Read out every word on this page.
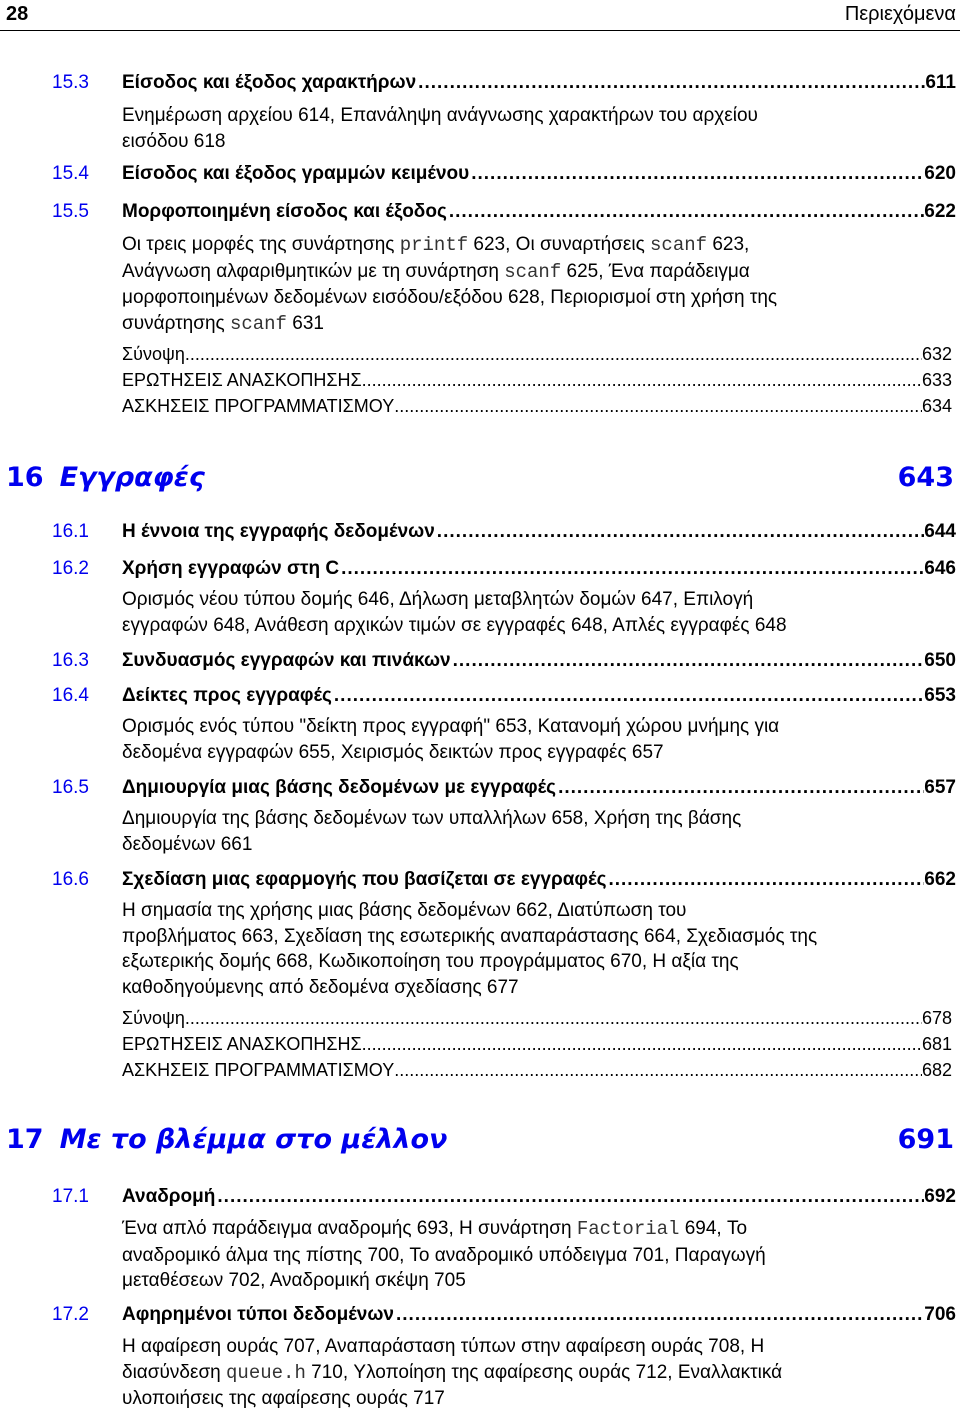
28	Περιεχόμενα
15.3	Είσοδος και έξοδος χαρακτήρων .....	611
Ενημέρωση αρχείου 614, Επανάληψη ανάγνωσης χαρακτήρων του αρχείου
εισόδου 618
15.4	Είσοδος και έξοδος γραμμών κειμένου .....	620
15.5	Μορφοποιημένη είσοδος και έξοδος .....	622
Οι τρεις μορφές της συνάρτησης printf 623, Οι συναρτήσεις scanf 623,
Ανάγνωση αλφαριθμητικών με τη συνάρτηση scanf 625, Ένα παράδειγμα
μορφοποιημένων δεδομένων εισόδου/εξόδου 628, Περιορισμοί στη χρήση της
συνάρτησης scanf 631
Σύνοψη .....	632
ΕΡΩΤΗΣΕΙΣ ΑΝΑΣΚΟΠΗΣΗΣ .....	633
ΑΣΚΗΣΕΙΣ ΠΡΟΓΡΑΜΜΑΤΙΣΜΟΥ .....	634
16 Εγγραφές	643
16.1	Η έννοια της εγγραφής δεδομένων .....	644
16.2	Χρήση εγγραφών στη C .....	646
Ορισμός νέου τύπου δομής 646, Δήλωση μεταβλητών δομών 647, Επιλογή
εγγραφών 648, Ανάθεση αρχικών τιμών σε εγγραφές 648, Απλές εγγραφές 648
16.3	Συνδυασμός εγγραφών και πινάκων .....	650
16.4	Δείκτες προς εγγραφές .....	653
Ορισμός ενός τύπου "δείκτη προς εγγραφή" 653, Κατανομή χώρου μνήμης για
δεδομένα εγγραφών 655, Χειρισμός δεικτών προς εγγραφές 657
16.5	Δημιουργία μιας βάσης δεδομένων με εγγραφές .....	657
Δημιουργία της βάσης δεδομένων των υπαλλήλων 658, Χρήση της βάσης
δεδομένων 661
16.6	Σχεδίαση μιας εφαρμογής που βασίζεται σε εγγραφές .....	662
Η σημασία της χρήσης μιας βάσης δεδομένων 662, Διατύπωση του
προβλήματος 663, Σχεδίαση της εσωτερικής αναπαράστασης 664, Σχεδιασμός της
εξωτερικής δομής 668, Κωδικοποίηση του προγράμματος 670, Η αξία της
καθοδηγούμενης από δεδομένα σχεδίασης 677
Σύνοψη .....	678
ΕΡΩΤΗΣΕΙΣ ΑΝΑΣΚΟΠΗΣΗΣ .....	681
ΑΣΚΗΣΕΙΣ ΠΡΟΓΡΑΜΜΑΤΙΣΜΟΥ .....	682
17 Με το βλέμμα στο μέλλον	691
17.1	Αναδρομή .....	692
Ένα απλό παράδειγμα αναδρομής 693, Η συνάρτηση Factorial 694, Το
αναδρομικό άλμα της πίστης 700, Το αναδρομικό υπόδειγμα 701, Παραγωγή
μεταθέσεων 702, Αναδρομική σκέψη 705
17.2	Αφηρημένοι τύποι δεδομένων .....	706
Η αφαίρεση ουράς 707, Αναπαράσταση τύπων στην αφαίρεση ουράς 708, Η
διασύνδεση queue.h 710, Υλοποίηση της αφαίρεσης ουράς 712, Εναλλακτικά
υλοποιήσεις της αφαίρεσης ουράς 717
